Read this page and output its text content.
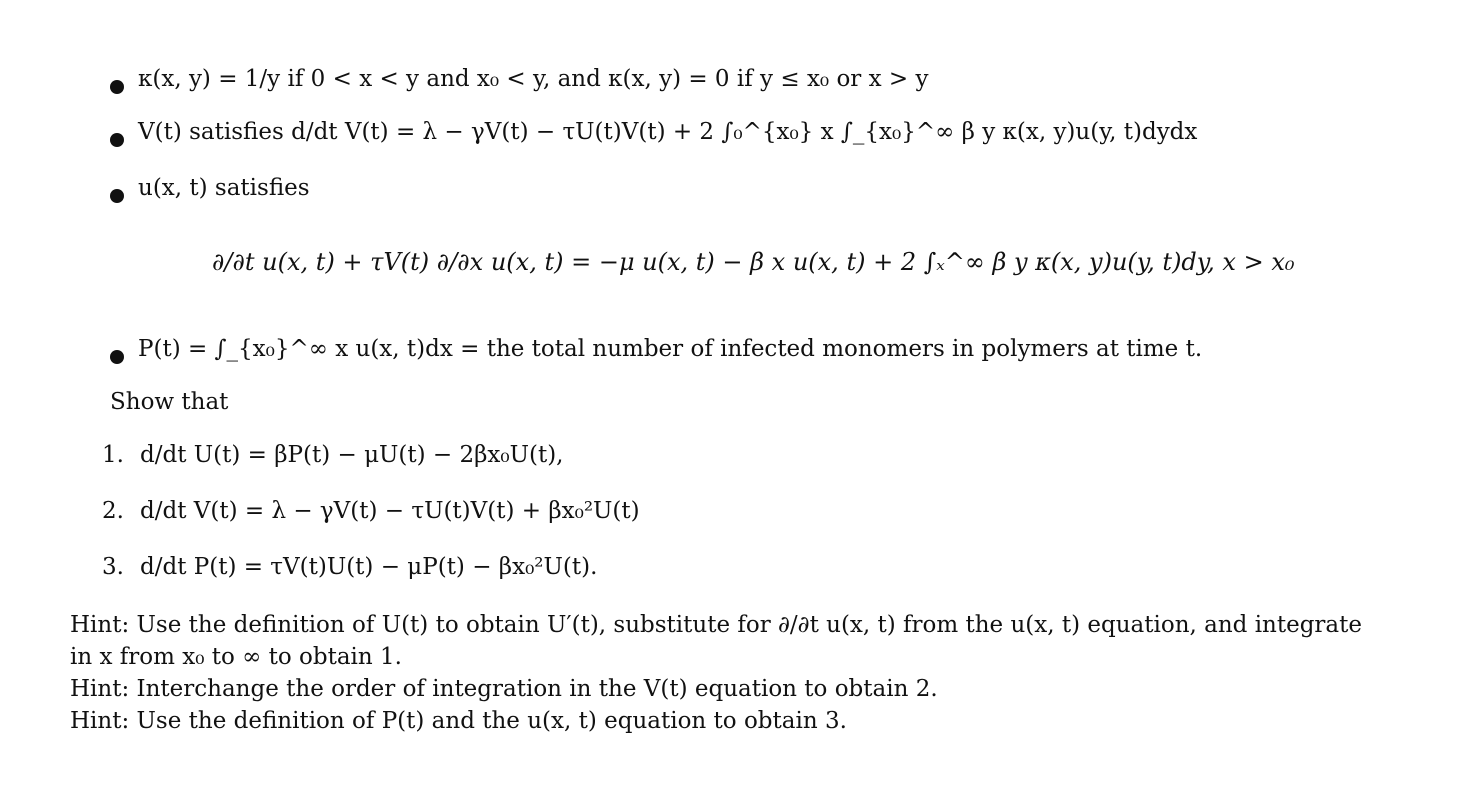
κ(x, y) = 1/y if 0 < x < y and x₀ < y, and κ(x, y) = 0 if y ≤ x₀ or x > y
V(t) satisfies d/dt V(t) = λ − γV(t) − τU(t)V(t) + 2 ∫₀^{x₀} x ∫_{x₀}^∞ β y κ(x, y)u(y, t)dydx
u(x, t) satisfies
∂/∂t u(x, t) + τV(t) ∂/∂x u(x, t) = −μ u(x, t) − β x u(x, t) + 2 ∫ₓ^∞ β y κ(x, y)u(y, t)dy, x > x₀
P(t) = ∫_{x₀}^∞ x u(x, t)dx = the total number of infected monomers in polymers at time t.
Show that
1. d/dt U(t) = βP(t) − μU(t) − 2βx₀U(t),
2. d/dt V(t) = λ − γV(t) − τU(t)V(t) + βx₀²U(t)
3. d/dt P(t) = τV(t)U(t) − μP(t) − βx₀²U(t).
Hint: Use the definition of U(t) to obtain U′(t), substitute for ∂/∂t u(x, t) from the u(x, t) equation, and integrate
in x from x₀ to ∞ to obtain 1.
Hint: Interchange the order of integration in the V(t) equation to obtain 2.
Hint: Use the definition of P(t) and the u(x, t) equation to obtain 3.
